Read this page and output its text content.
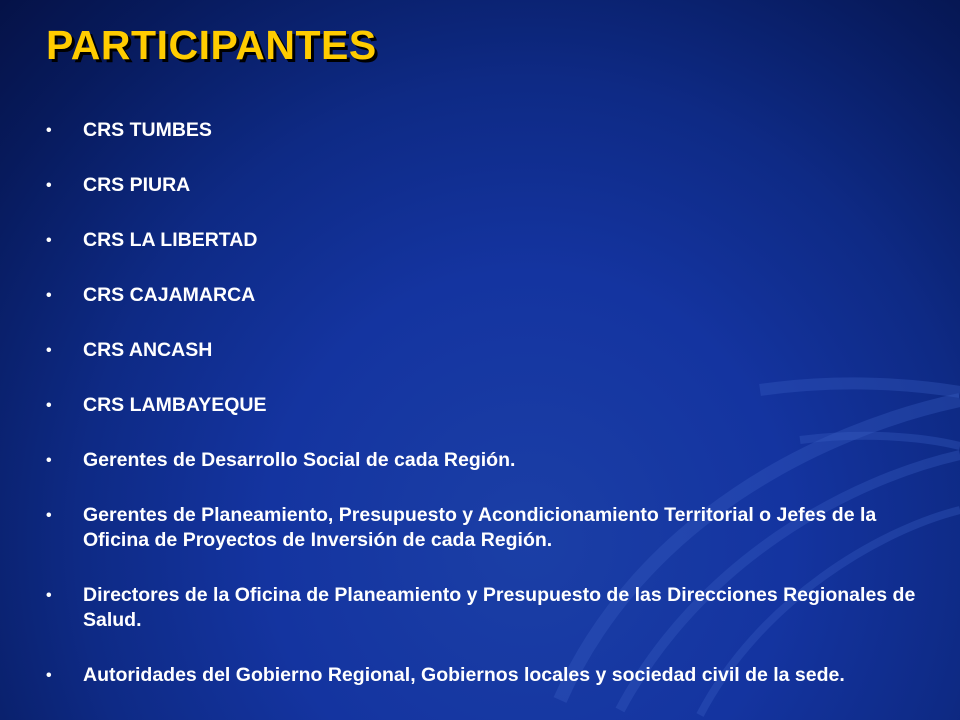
PARTICIPANTES
• CRS TUMBES
• CRS PIURA
• CRS LA LIBERTAD
• CRS CAJAMARCA
• CRS ANCASH
• CRS LAMBAYEQUE
• Gerentes de Desarrollo Social de cada Región.
• Gerentes de Planeamiento, Presupuesto y Acondicionamiento Territorial o Jefes de la Oficina de Proyectos de Inversión de cada Región.
• Directores de la Oficina de Planeamiento y Presupuesto de las Direcciones Regionales de Salud.
• Autoridades del Gobierno Regional, Gobiernos locales y sociedad civil de la sede.
